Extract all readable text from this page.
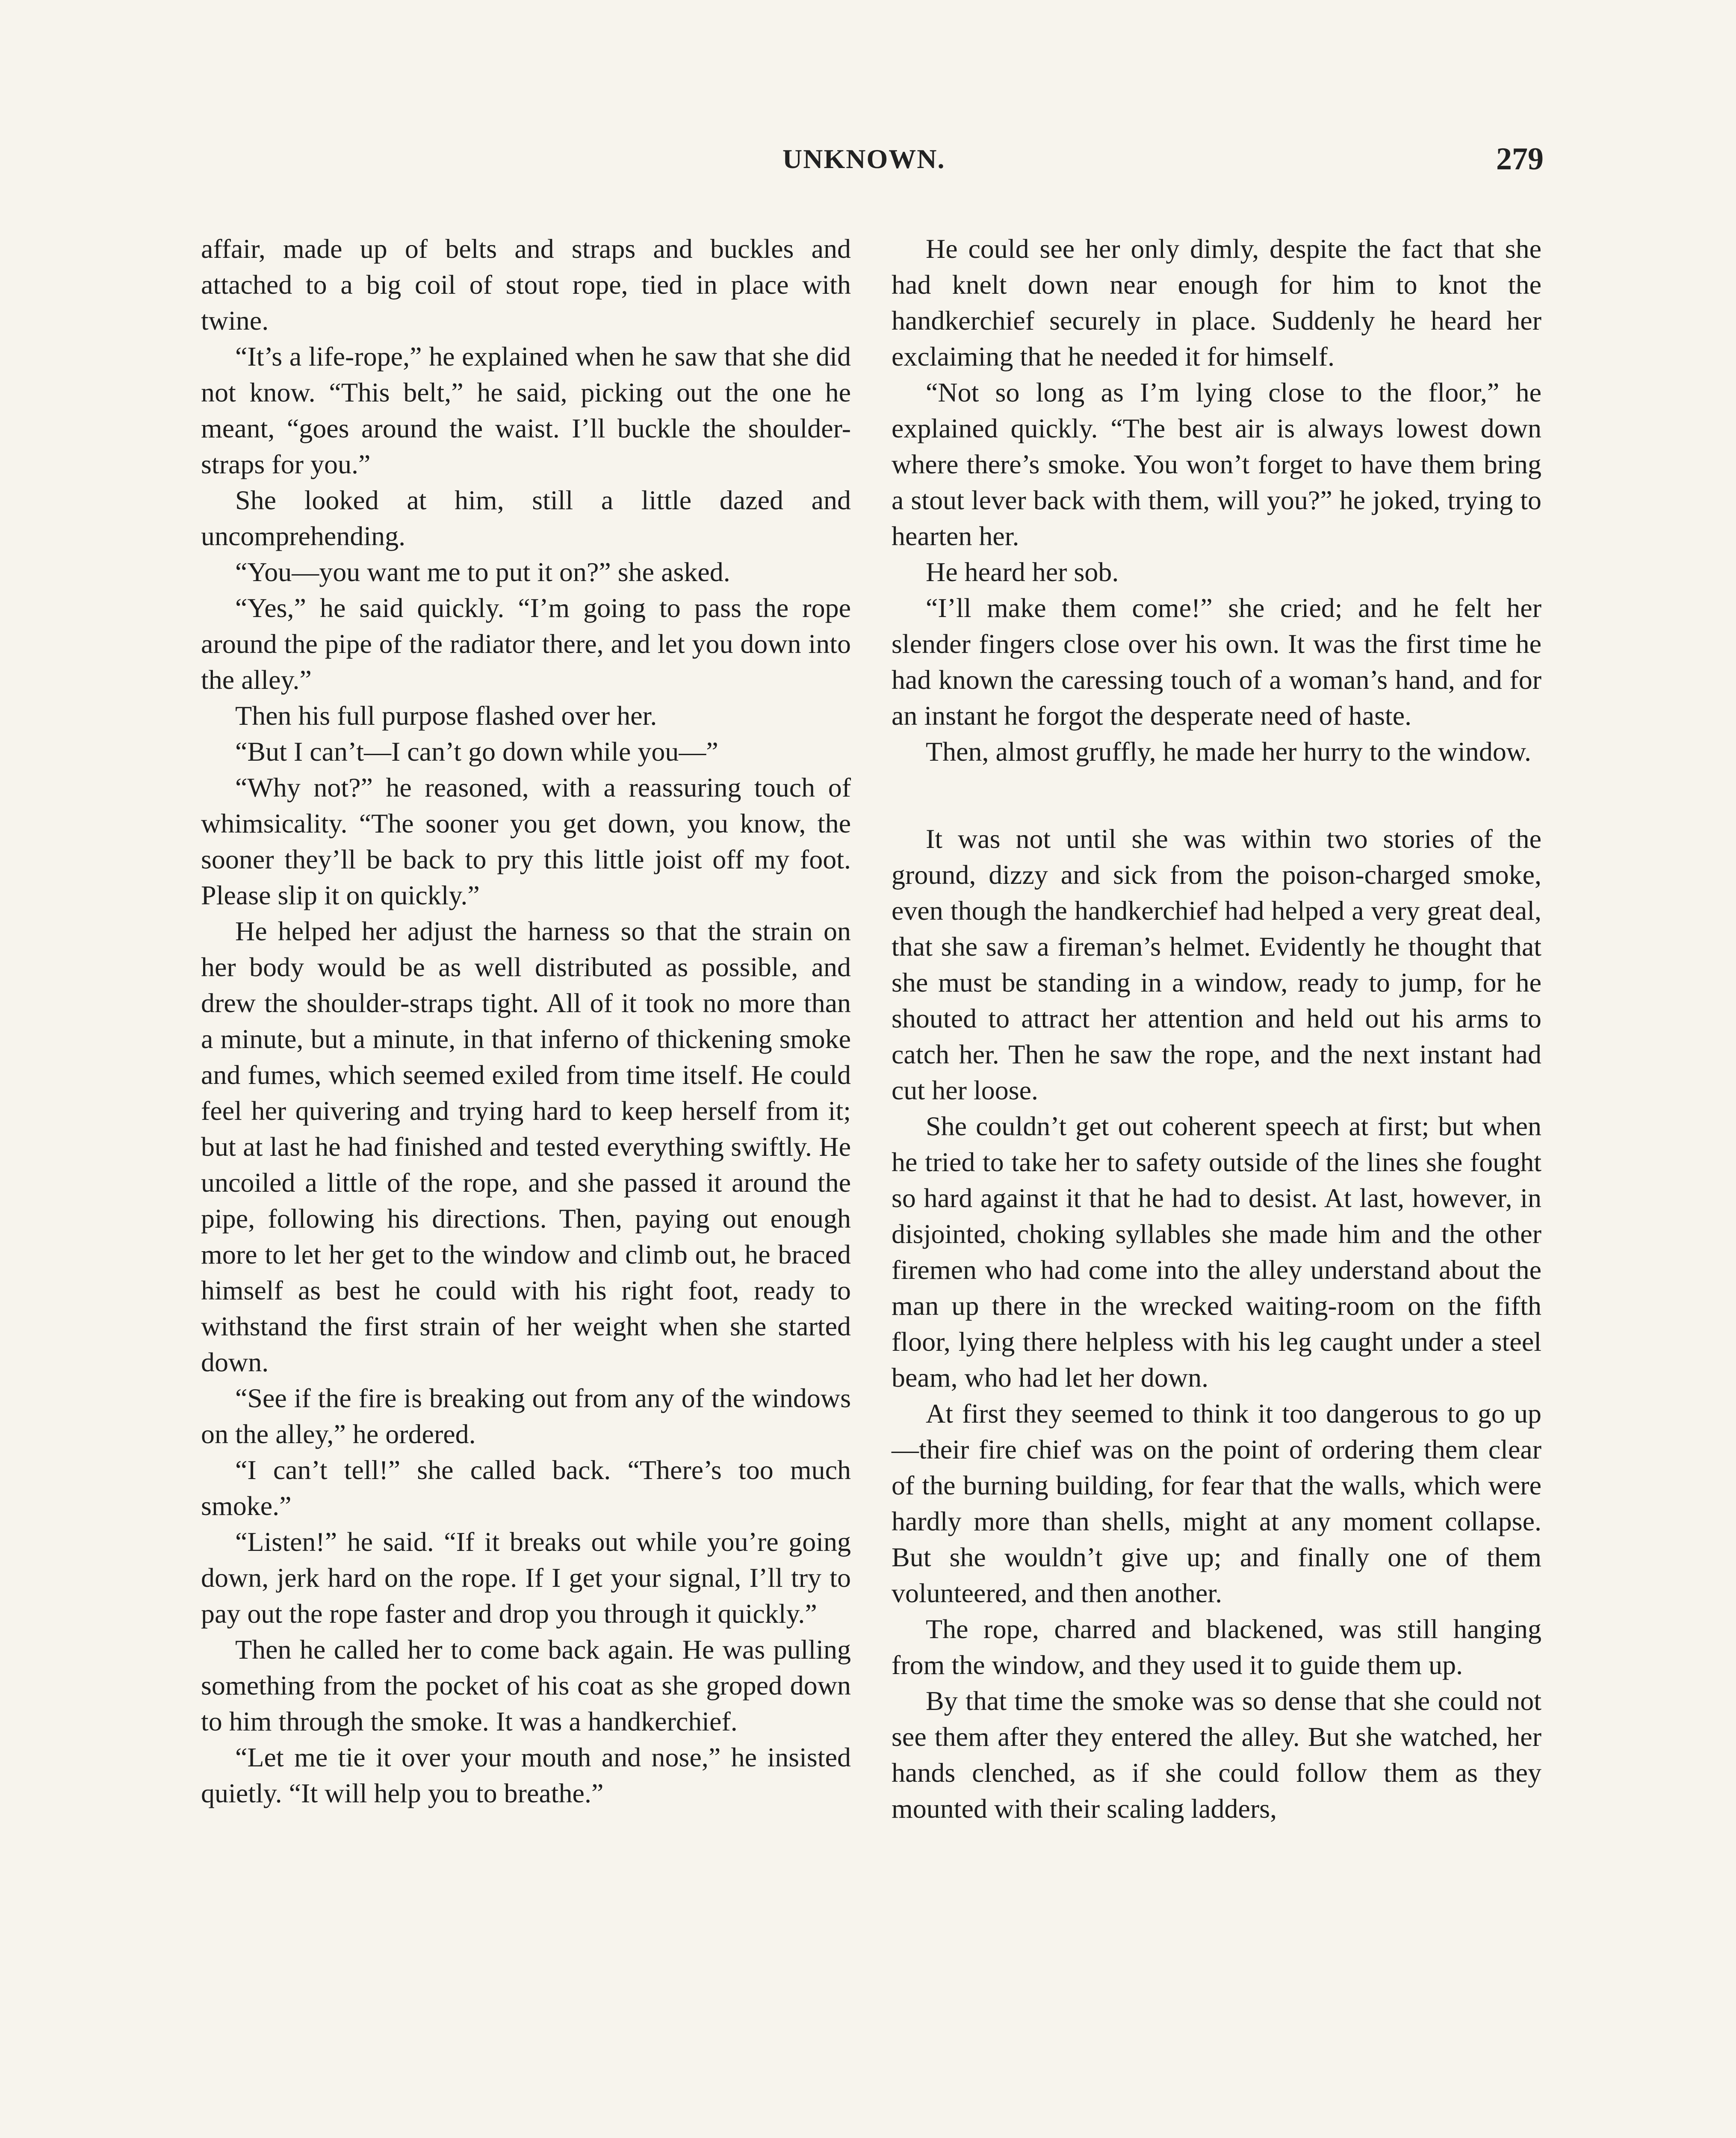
UNKNOWN.	279

affair, made up of belts and straps and buckles and attached to a big coil of stout rope, tied in place with twine.

“It’s a life-rope,” he explained when he saw that she did not know. “This belt,” he said, picking out the one he meant, “goes around the waist. I’ll buckle the shoulder-straps for you.”

She looked at him, still a little dazed and uncomprehending.

“You—you want me to put it on?” she asked.

“Yes,” he said quickly. “I’m going to pass the rope around the pipe of the radiator there, and let you down into the alley.”

Then his full purpose flashed over her.

“But I can’t—I can’t go down while you—”

“Why not?” he reasoned, with a reassuring touch of whimsicality. “The sooner you get down, you know, the sooner they’ll be back to pry this little joist off my foot. Please slip it on quickly.”

He helped her adjust the harness so that the strain on her body would be as well distributed as possible, and drew the shoulder-straps tight. All of it took no more than a minute, but a minute, in that inferno of thickening smoke and fumes, which seemed exiled from time itself. He could feel her quivering and trying hard to keep herself from it; but at last he had finished and tested everything swiftly. He uncoiled a little of the rope, and she passed it around the pipe, following his directions. Then, paying out enough more to let her get to the window and climb out, he braced himself as best he could with his right foot, ready to withstand the first strain of her weight when she started down.

“See if the fire is breaking out from any of the windows on the alley,” he ordered.

“I can’t tell!” she called back. “There’s too much smoke.”

“Listen!” he said. “If it breaks out while you’re going down, jerk hard on the rope. If I get your signal, I’ll try to pay out the rope faster and drop you through it quickly.”

Then he called her to come back again. He was pulling something from the pocket of his coat as she groped down to him through the smoke. It was a handkerchief.

“Let me tie it over your mouth and nose,” he insisted quietly. “It will help you to breathe.”

He could see her only dimly, despite the fact that she had knelt down near enough for him to knot the handkerchief securely in place. Suddenly he heard her exclaiming that he needed it for himself.

“Not so long as I’m lying close to the floor,” he explained quickly. “The best air is always lowest down where there’s smoke. You won’t forget to have them bring a stout lever back with them, will you?” he joked, trying to hearten her.

He heard her sob.

“I’ll make them come!” she cried; and he felt her slender fingers close over his own. It was the first time he had known the caressing touch of a woman’s hand, and for an instant he forgot the desperate need of haste.

Then, almost gruffly, he made her hurry to the window.

It was not until she was within two stories of the ground, dizzy and sick from the poison-charged smoke, even though the handkerchief had helped a very great deal, that she saw a fireman’s helmet. Evidently he thought that she must be standing in a window, ready to jump, for he shouted to attract her attention and held out his arms to catch her. Then he saw the rope, and the next instant had cut her loose.

She couldn’t get out coherent speech at first; but when he tried to take her to safety outside of the lines she fought so hard against it that he had to desist. At last, however, in disjointed, choking syllables she made him and the other firemen who had come into the alley understand about the man up there in the wrecked waiting-room on the fifth floor, lying there helpless with his leg caught under a steel beam, who had let her down.

At first they seemed to think it too dangerous to go up—their fire chief was on the point of ordering them clear of the burning building, for fear that the walls, which were hardly more than shells, might at any moment collapse. But she wouldn’t give up; and finally one of them volunteered, and then another.

The rope, charred and blackened, was still hanging from the window, and they used it to guide them up.

By that time the smoke was so dense that she could not see them after they entered the alley. But she watched, her hands clenched, as if she could follow them as they mounted with their scaling ladders,
